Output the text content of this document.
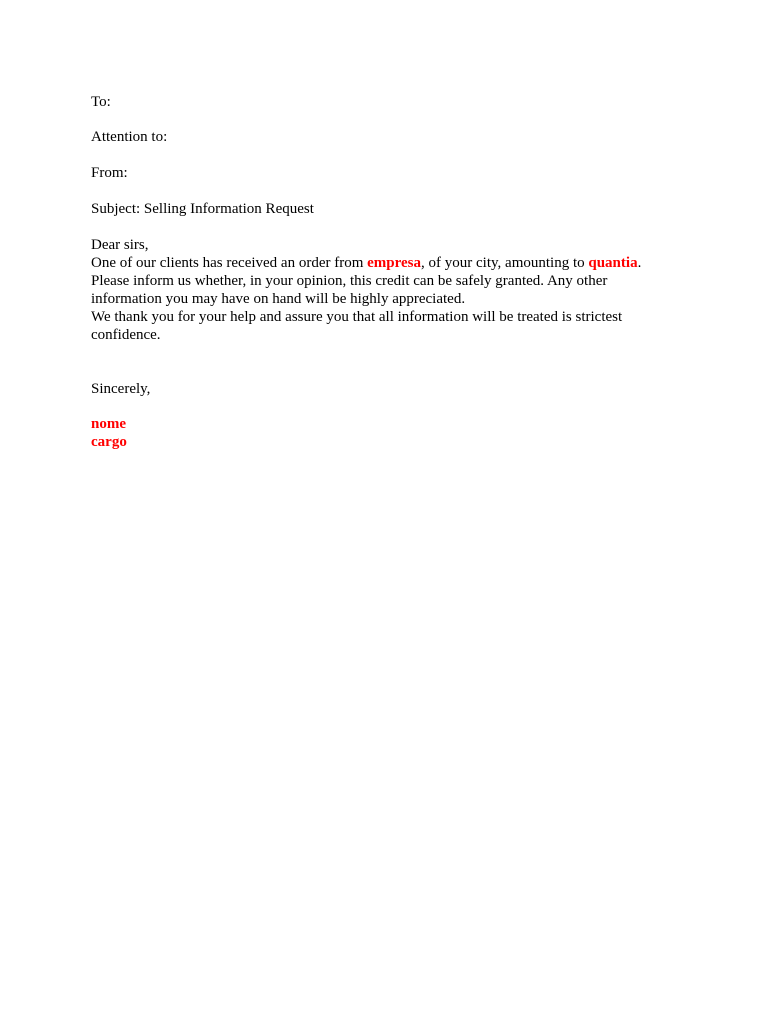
To:

Attention to:

From:

Subject: Selling Information Request

Dear sirs,

One of our clients has received an order from empresa, of your city, amounting to quantia.

Please inform us whether, in your opinion, this credit can be safely granted. Any other information you may have on hand will be highly appreciated.

We thank you for your help and assure you that all information will be treated is strictest confidence.

Sincerely,

nome

cargo
